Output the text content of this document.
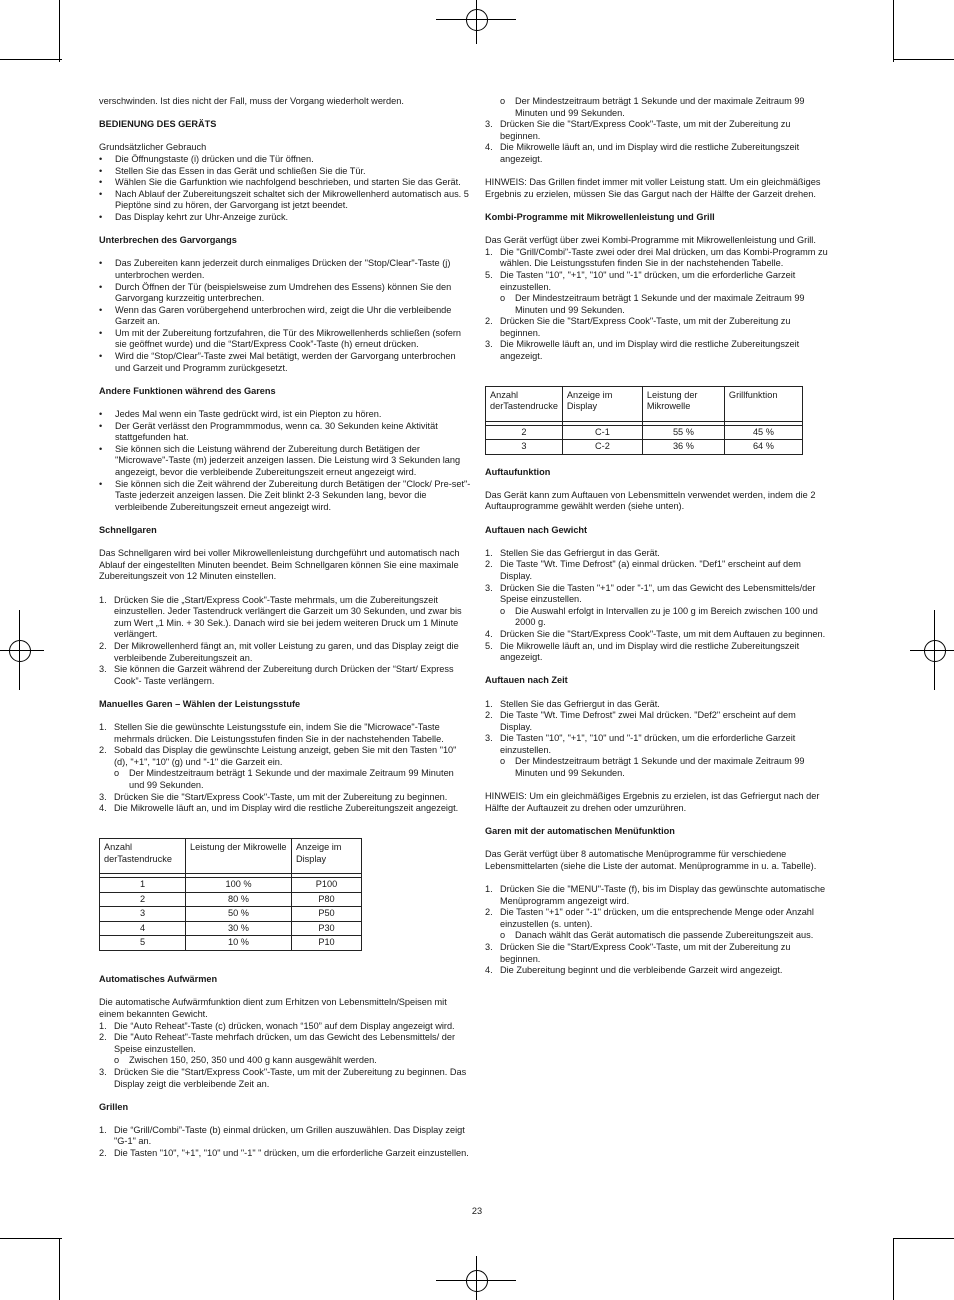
verschwinden. Ist dies nicht der Fall, muss der Vorgang wiederholt werden.

BEDIENUNG DES GERÄTS

Grundsätzlicher Gebrauch

•	Die Öffnungstaste (i) drücken und die Tür öffnen.
•	Stellen Sie das Essen in das Gerät und schließen Sie die Tür.
•	Wählen Sie die Garfunktion wie nachfolgend beschrieben, und starten Sie das Gerät.
•	Nach Ablauf der Zubereitungszeit schaltet sich der Mikrowellenherd automatisch aus. 5 Pieptöne sind zu hören, der Garvorgang ist jetzt beendet.
•	Das Display kehrt zur Uhr-Anzeige zurück.

Unterbrechen des Garvorgangs

•	Das Zubereiten kann jederzeit durch einmaliges Drücken der "Stop/Clear"-Taste (j) unterbrochen werden.
•	Durch Öffnen der Tür (beispielsweise zum Umdrehen des Essens) können Sie den Garvorgang kurzzeitig unterbrechen.
•	Wenn das Garen vorübergehend unterbrochen wird, zeigt die Uhr die verbleibende Garzeit an.
•	Um mit der Zubereitung fortzufahren, die Tür des Mikrowellenherds schließen (sofern sie geöffnet wurde) und die “Start/Express Cook”-Taste (h) erneut drücken.
•	Wird die “Stop/Clear”-Taste zwei Mal betätigt, werden der Garvorgang unterbrochen und Garzeit und Programm zurückgesetzt.

Andere Funktionen während des Garens

•	Jedes Mal wenn ein Taste gedrückt wird, ist ein Piepton zu hören.
•	Der Gerät verlässt den Programmmodus, wenn ca. 30 Sekunden keine Aktivität stattgefunden hat.
•	Sie können sich die Leistung während der Zubereitung durch Betätigen der "Microwave"-Taste (m) jederzeit anzeigen lassen. Die Leistung wird 3 Sekunden lang angezeigt, bevor die verbleibende Zubereitungszeit erneut angezeigt wird.
•	Sie können sich die Zeit während der Zubereitung durch Betätigen der "Clock/ Pre-set"-Taste jederzeit anzeigen lassen. Die Zeit blinkt 2-3 Sekunden lang, bevor die verbleibende Zubereitungszeit erneut angezeigt wird.

Schnellgaren

Das Schnellgaren wird bei voller Mikrowellenleistung durchgeführt und automatisch nach Ablauf der eingestellten Minuten beendet. Beim Schnellgaren können Sie eine maximale Zubereitungszeit von 12 Minuten einstellen.

1. Drücken Sie die „Start/Express Cook"-Taste mehrmals, um die Zubereitungszeit einzustellen. Jeder Tastendruck verlängert die Garzeit um 30 Sekunden, und zwar bis zum Wert „1 Min. + 30 Sek.). Danach wird sie bei jedem weiteren Druck um 1 Minute verlängert.
2. Der Mikrowellenherd fängt an, mit voller Leistung zu garen, und das Display zeigt die verbleibende Zubereitungszeit an.
3. Sie können die Garzeit während der Zubereitung durch Drücken der “Start/ Express Cook”- Taste verlängern.

Manuelles Garen – Wählen der Leistungsstufe

1. Stellen Sie die gewünschte Leistungsstufe ein, indem Sie die "Microwace"-Taste mehrmals drücken. Die Leistungsstufen finden Sie in der nachstehenden Tabelle.
2. Sobald das Display die gewünschte Leistung anzeigt, geben Sie mit den Tasten "10" (d), "+1", "10" (g) und "-1" die Garzeit ein.
o	Der Mindestzeitraum beträgt 1 Sekunde und der maximale Zeitraum 99 Minuten und 99 Sekunden.
3. Drücken Sie die "Start/Express Cook"-Taste, um mit der Zubereitung zu beginnen.
4. Die Mikrowelle läuft an, und im Display wird die restliche Zubereitungszeit angezeigt.
Anzahl derTastendrucke	Leistung der Mikrowelle	Anzeige im Display

1	100 %	P100
2	80 %	P80
3	50 %	P50
4	30 %	P30
5	10 %	P10

Automatisches Aufwärmen

Die automatische Aufwärmfunktion dient zum Erhitzen von Lebensmitteln/Speisen mit einem bekannten Gewicht.

1. Die “Auto Reheat”-Taste (c) drücken, wonach “150” auf dem Display angezeigt wird.
2. Die "Auto Reheat"-Taste mehrfach drücken, um das Gewicht des Lebensmittels/ der Speise einzustellen.
o	Zwischen 150, 250, 350 und 400 g kann ausgewählt werden.
3. Drücken Sie die "Start/Express Cook"-Taste, um mit der Zubereitung zu beginnen. Das Display zeigt die verbleibende Zeit an.

Grillen

1. Die “Grill/Combi”-Taste (b) einmal drücken, um Grillen auszuwählen. Das Display zeigt "G-1" an.
2. Die Tasten "10", "+1", "10" und "-1" " drücken, um die erforderliche Garzeit einzustellen.
o	Der Mindestzeitraum beträgt 1 Sekunde und der maximale Zeitraum 99 Minuten und 99 Sekunden.
3. Drücken Sie die "Start/Express Cook"-Taste, um mit der Zubereitung zu beginnen.
4. Die Mikrowelle läuft an, und im Display wird die restliche Zubereitungszeit angezeigt.

HINWEIS: Das Grillen findet immer mit voller Leistung statt. Um ein gleichmäßiges Ergebnis zu erzielen, müssen Sie das Gargut nach der Hälfte der Garzeit drehen.

Kombi-Programme mit Mikrowellenleistung und Grill

Das Gerät verfügt über zwei Kombi-Programme mit Mikrowellenleistung und Grill.

1. Die "Grill/Combi"-Taste zwei oder drei Mal drücken, um das Kombi-Programm zu wählen. Die Leistungsstufen finden Sie in der nachstehenden Tabelle.
5. Die Tasten "10", "+1", "10" und "-1" drücken, um die erforderliche Garzeit einzustellen.
o	Der Mindestzeitraum beträgt 1 Sekunde und der maximale Zeitraum 99 Minuten und 99 Sekunden.
2. Drücken Sie die "Start/Express Cook"-Taste, um mit der Zubereitung zu beginnen.
3. Die Mikrowelle läuft an, und im Display wird die restliche Zubereitungszeit angezeigt.
Anzahl derTastendrucke	Anzeige im Display	Leistung der Mikrowelle	Grillfunktion

2	C-1	55 %	45 %
3	C-2	36 %	64 %

Auftaufunktion

Das Gerät kann zum Auftauen von Lebensmitteln verwendet werden, indem die 2 Auftauprogramme gewählt werden (siehe unten).

Auftauen nach Gewicht

1. Stellen Sie das Gefriergut in das Gerät.
2. Die Taste "Wt. Time Defrost" (a) einmal drücken. "Def1" erscheint auf dem Display.
3. Drücken Sie die Tasten "+1" oder "-1", um das Gewicht des Lebensmittels/der Speise einzustellen.
o	Die Auswahl erfolgt in Intervallen zu je 100 g im Bereich zwischen 100 und 2000 g.
4. Drücken Sie die "Start/Express Cook"-Taste, um mit dem Auftauen zu beginnen.
5. Die Mikrowelle läuft an, und im Display wird die restliche Zubereitungszeit angezeigt.

Auftauen nach Zeit

1. Stellen Sie das Gefriergut in das Gerät.
2. Die Taste "Wt. Time Defrost" zwei Mal drücken. "Def2" erscheint auf dem Display.
3. Die Tasten "10", "+1", "10" und "-1" drücken, um die erforderliche Garzeit einzustellen.
o	Der Mindestzeitraum beträgt 1 Sekunde und der maximale Zeitraum 99 Minuten und 99 Sekunden.

HINWEIS: Um ein gleichmäßiges Ergebnis zu erzielen, ist das Gefriergut nach der Hälfte der Auftauzeit zu drehen oder umzurühren.

Garen mit der automatischen Menüfunktion

Das Gerät verfügt über 8 automatische Menüprogramme für verschiedene Lebensmittelarten (siehe die Liste der automat. Menüprogramme in u. a. Tabelle).

1. Drücken Sie die "MENU"-Taste (f), bis im Display das gewünschte automatische Menüprogramm angezeigt wird.
2. Die Tasten "+1" oder "-1" drücken, um die entsprechende Menge oder Anzahl einzustellen (s. unten).
o	Danach wählt das Gerät automatisch die passende Zubereitungszeit aus.
3. Drücken Sie die "Start/Express Cook"-Taste, um mit der Zubereitung zu beginnen.
4. Die Zubereitung beginnt und die verbleibende Garzeit wird angezeigt.
23
